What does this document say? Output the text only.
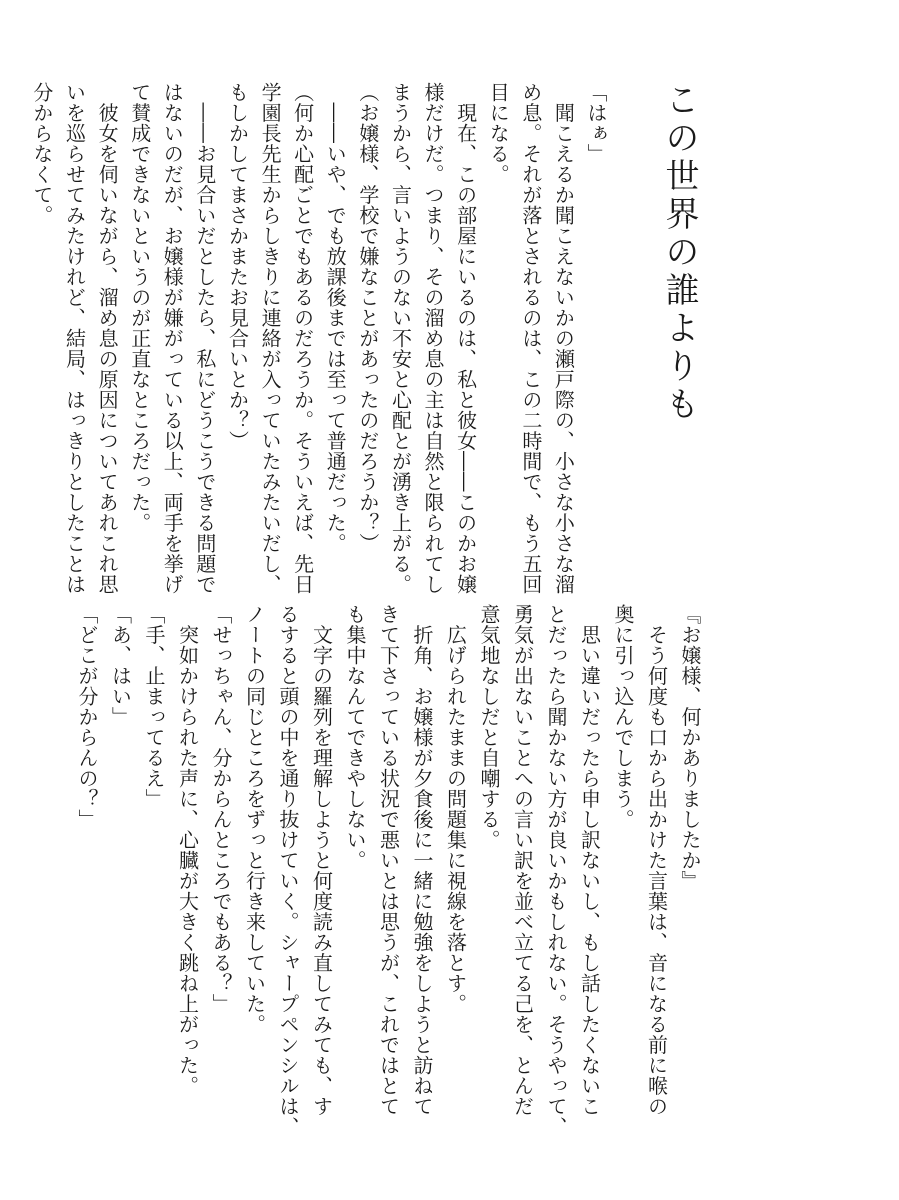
この世界の誰よりも
「はぁ」
　聞こえるか聞こえないかの瀬戸際の、小さな小さな溜
め息。それが落とされるのは、この二時間で、もう五回
目になる。
　現在、この部屋にいるのは、私と彼女――このかお嬢
様だけだ。つまり、その溜め息の主は自然と限られてし
まうから、言いようのない不安と心配とが湧き上がる。
（お嬢様、学校で嫌なことがあったのだろうか？）
　――いや、でも放課後までは至って普通だった。
（何か心配ごとでもあるのだろうか。そういえば、先日
学園長先生からしきりに連絡が入っていたみたいだし、
もしかしてまさかまたお見合いとか？）
　――お見合いだとしたら、私にどうこうできる問題で
はないのだが、お嬢様が嫌がっている以上、両手を挙げ
て賛成できないというのが正直なところだった。
　彼女を伺いながら、溜め息の原因についてあれこれ思
いを巡らせてみたけれど、結局、はっきりとしたことは
分からなくて。
『お嬢様、何かありましたか』
　そう何度も口から出かけた言葉は、音になる前に喉の
奥に引っ込んでしまう。
　思い違いだったら申し訳ないし、もし話したくないこ
とだったら聞かない方が良いかもしれない。そうやって、
勇気が出ないことへの言い訳を並べ立てる己を、とんだ
意気地なしだと自嘲する。
　広げられたままの問題集に視線を落とす。
　折角、お嬢様が夕食後に一緒に勉強をしようと訪ねて
きて下さっている状況で悪いとは思うが、これではとて
も集中なんてできやしない。
　文字の羅列を理解しようと何度読み直してみても、す
るすると頭の中を通り抜けていく。シャープペンシルは、
ノートの同じところをずっと行き来していた。
「せっちゃん、分からんところでもある？」
　突如かけられた声に、心臓が大きく跳ね上がった。
「手、止まってるえ」
「あ、はい」
「どこが分からんの？」
